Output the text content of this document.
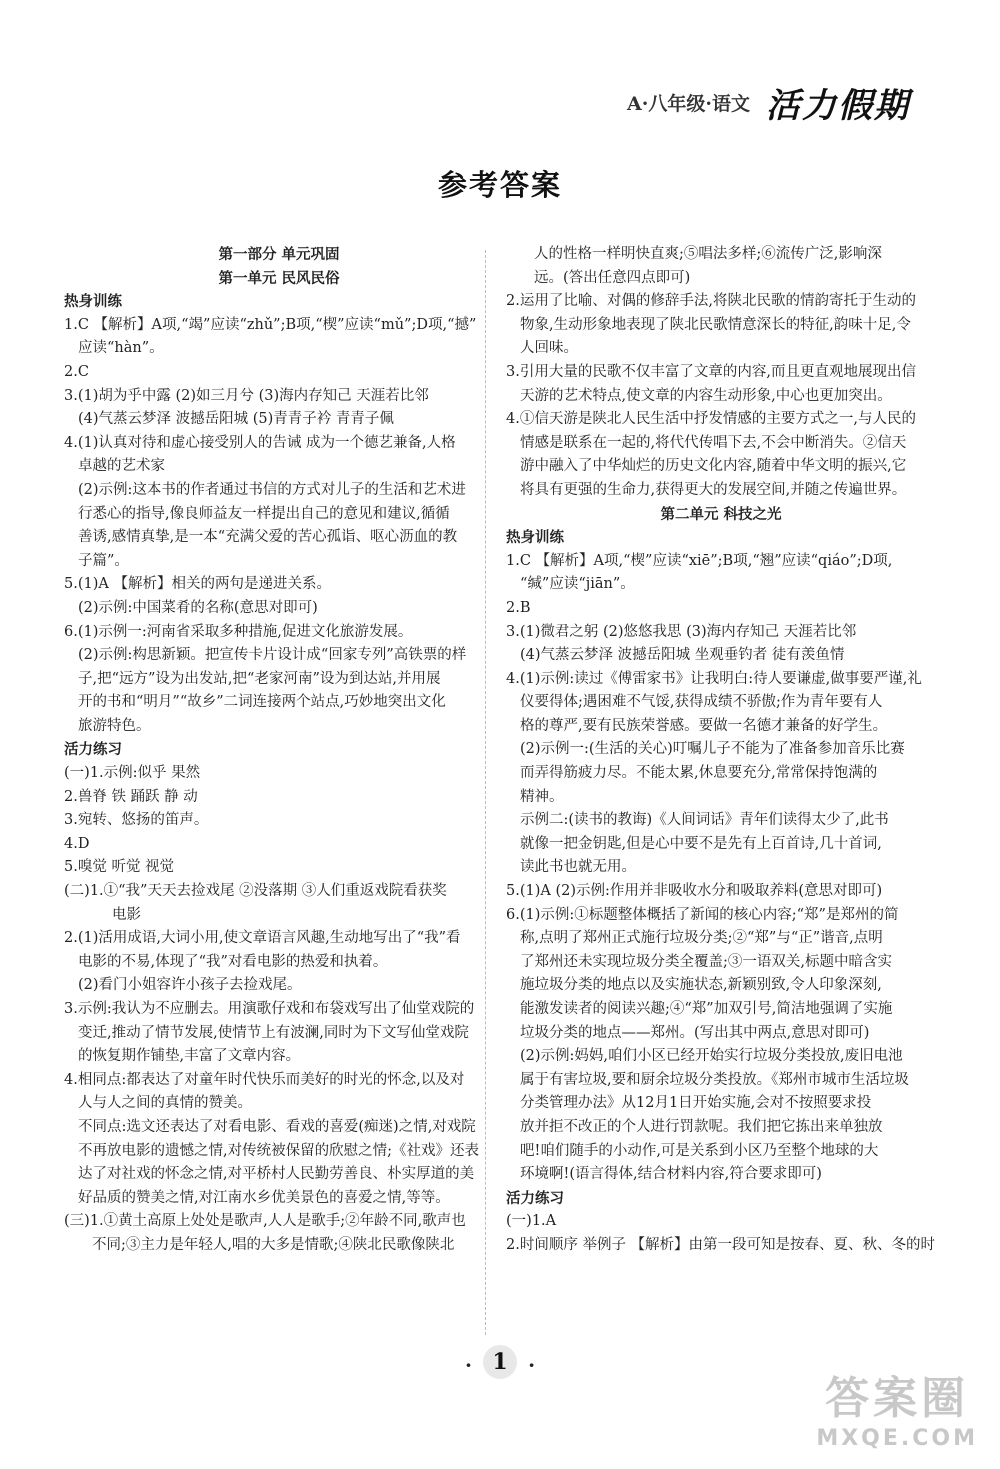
A·八年级·语文 活力假期
参考答案
第一部分 单元巩固
第一单元 民风民俗
热身训练
1.C 【解析】A项,“竭”应读“zhǔ”;B项,“楔”应读“mǔ”;D项,“撼”
应读“hàn”。
2.C
3.(1)胡为乎中露 (2)如三月兮 (3)海内存知己 天涯若比邻
(4)气蒸云梦泽 波撼岳阳城 (5)青青子衿 青青子佩
4.(1)认真对待和虚心接受别人的告诫 成为一个德艺兼备,人格
卓越的艺术家
(2)示例:这本书的作者通过书信的方式对儿子的生活和艺术进
行悉心的指导,像良师益友一样提出自己的意见和建议,循循
善诱,感情真挚,是一本“充满父爱的苦心孤诣、呕心沥血的教
子篇”。
5.(1)A 【解析】相关的两句是递进关系。
(2)示例:中国菜肴的名称(意思对即可)
6.(1)示例一:河南省采取多种措施,促进文化旅游发展。
(2)示例:构思新颖。把宣传卡片设计成“回家专列”高铁票的样
子,把“远方”设为出发站,把“老家河南”设为到达站,并用展
开的书和“明月”“故乡”二词连接两个站点,巧妙地突出文化
旅游特色。
活力练习
(一)1.示例:似乎 果然
2.兽脊 铁 踊跃 静 动
3.宛转、悠扬的笛声。
4.D
5.嗅觉 听觉 视觉
(二)1.①“我”天天去捡戏尾 ②没落期 ③人们重返戏院看获奖
电影
2.(1)活用成语,大词小用,使文章语言风趣,生动地写出了“我”看
电影的不易,体现了“我”对看电影的热爱和执着。
(2)看门小姐容许小孩子去捡戏尾。
3.示例:我认为不应删去。用演歌仔戏和布袋戏写出了仙堂戏院的
变迁,推动了情节发展,使情节上有波澜,同时为下文写仙堂戏院
的恢复期作铺垫,丰富了文章内容。
4.相同点:都表达了对童年时代快乐而美好的时光的怀念,以及对
人与人之间的真情的赞美。
不同点:选文还表达了对看电影、看戏的喜爱(痴迷)之情,对戏院
不再放电影的遗憾之情,对传统被保留的欣慰之情;《社戏》还表
达了对社戏的怀念之情,对平桥村人民勤劳善良、朴实厚道的美
好品质的赞美之情,对江南水乡优美景色的喜爱之情,等等。
(三)1.①黄土高原上处处是歌声,人人是歌手;②年龄不同,歌声也
不同;③主力是年轻人,唱的大多是情歌;④陕北民歌像陕北
人的性格一样明快直爽;⑤唱法多样;⑥流传广泛,影响深
远。(答出任意四点即可)
2.运用了比喻、对偶的修辞手法,将陕北民歌的情韵寄托于生动的
物象,生动形象地表现了陕北民歌情意深长的特征,韵味十足,令
人回味。
3.引用大量的民歌不仅丰富了文章的内容,而且更直观地展现出信
天游的艺术特点,使文章的内容生动形象,中心也更加突出。
4.①信天游是陕北人民生活中抒发情感的主要方式之一,与人民的
情感是联系在一起的,将代代传唱下去,不会中断消失。②信天
游中融入了中华灿烂的历史文化内容,随着中华文明的振兴,它
将具有更强的生命力,获得更大的发展空间,并随之传遍世界。
第二单元 科技之光
热身训练
1.C 【解析】A项,“楔”应读“xiē”;B项,“翘”应读“qiáo”;D项,
“缄”应读“jiān”。
2.B
3.(1)微君之躬 (2)悠悠我思 (3)海内存知己 天涯若比邻
(4)气蒸云梦泽 波撼岳阳城 坐观垂钓者 徒有羡鱼情
4.(1)示例:读过《傅雷家书》让我明白:待人要谦虚,做事要严谨,礼
仪要得体;遇困难不气馁,获得成绩不骄傲;作为青年要有人
格的尊严,要有民族荣誉感。要做一名德才兼备的好学生。
(2)示例一:(生活的关心)叮嘱儿子不能为了准备参加音乐比赛
而弄得筋疲力尽。不能太累,休息要充分,常常保持饱满的
精神。
示例二:(读书的教诲)《人间词话》青年们读得太少了,此书
就像一把金钥匙,但是心中要不是先有上百首诗,几十首词,
读此书也就无用。
5.(1)A (2)示例:作用并非吸收水分和吸取养料(意思对即可)
6.(1)示例:①标题整体概括了新闻的核心内容;“郑”是郑州的简
称,点明了郑州正式施行垃圾分类;②“郑”与“正”谐音,点明
了郑州还未实现垃圾分类全覆盖;③一语双关,标题中暗含实
施垃圾分类的地点以及实施状态,新颖别致,令人印象深刻,
能激发读者的阅读兴趣;④“郑”加双引号,简洁地强调了实施
垃圾分类的地点——郑州。(写出其中两点,意思对即可)
(2)示例:妈妈,咱们小区已经开始实行垃圾分类投放,废旧电池
属于有害垃圾,要和厨余垃圾分类投放。《郑州市城市生活垃圾
分类管理办法》从12月1日开始实施,会对不按照要求投
放并拒不改正的个人进行罚款呢。我们把它拣出来单独放
吧!咱们随手的小动作,可是关系到小区乃至整个地球的大
环境啊!(语言得体,结合材料内容,符合要求即可)
活力练习
(一)1.A
2.时间顺序 举例子 【解析】由第一段可知是按春、夏、秋、冬的时
· 1 ·
答案圈
MXQE.COM
